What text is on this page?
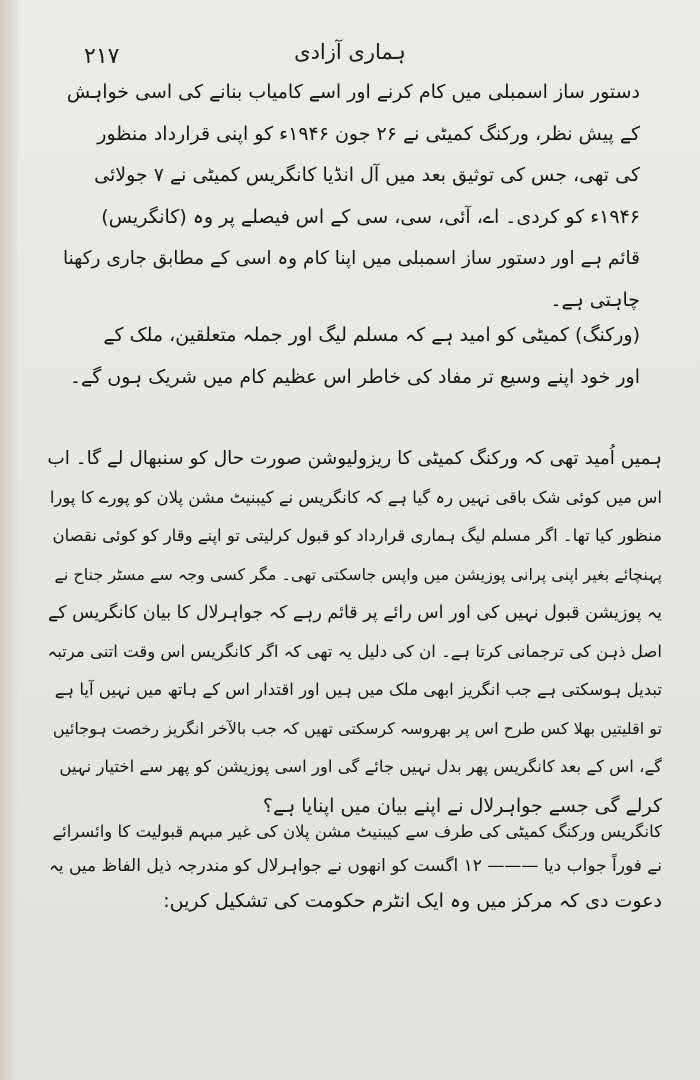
۲۱۷	ہماری آزادی

دستور ساز اسمبلی میں کام کرنے اور اسے کامیاب بنانے کی اسی خواہش

کے پیش نظر، ورکنگ کمیٹی نے ۲۶ جون ۱۹۴۶ء کو اپنی قرارداد منظور

کی تھی، جس کی توثیق بعد میں آل انڈیا کانگریس کمیٹی نے ۷ جولائی

۱۹۴۶ء کو کردی۔ اے، آئی، سی، سی کے اس فیصلے پر وہ (کانگریس)

قائم ہے اور دستور ساز اسمبلی میں اپنا کام وہ اسی کے مطابق جاری رکھنا

چاہتی ہے۔

(ورکنگ) کمیٹی کو امید ہے کہ مسلم لیگ اور جملہ متعلقین، ملک کے

اور خود اپنے وسیع تر مفاد کی خاطر اس عظیم کام میں شریک ہوں گے۔

ہمیں اُمید تھی کہ ورکنگ کمیٹی کا ریزولیوشن صورت حال کو سنبھال لے گا۔ اب

اس میں کوئی شک باقی نہیں رہ گیا ہے کہ کانگریس نے کیبنیٹ مشن پلان کو پورے کا پورا

منظور کیا تھا۔ اگر مسلم لیگ ہماری قرارداد کو قبول کرلیتی تو اپنے وقار کو کوئی نقصان

پہنچائے بغیر اپنی پرانی پوزیشن میں واپس جاسکتی تھی۔ مگر کسی وجہ سے مسٹر جناح نے

یہ پوزیشن قبول نہیں کی اور اس رائے پر قائم رہے کہ جواہرلال کا بیان کانگریس کے

اصل ذہن کی ترجمانی کرتا ہے۔ ان کی دلیل یہ تھی کہ اگر کانگریس اس وقت اتنی مرتبہ

تبدیل ہوسکتی ہے جب انگریز ابھی ملک میں ہیں اور اقتدار اس کے ہاتھ میں نہیں آیا ہے

تو اقلیتیں بھلا کس طرح اس پر بھروسہ کرسکتی تھیں کہ جب بالآخر انگریز رخصت ہوجائیں

گے، اس کے بعد کانگریس پھر بدل نہیں جائے گی اور اسی پوزیشن کو پھر سے اختیار نہیں

کرلے گی جسے جواہرلال نے اپنے بیان میں اپنایا ہے؟

کانگریس ورکنگ کمیٹی کی طرف سے کیبنیٹ مشن پلان کی غیر مبہم قبولیت کا وائسرائے

نے فوراً جواب دیا ——— ۱۲ اگست کو انھوں نے جواہرلال کو مندرجہ ذیل الفاظ میں یہ

دعوت دی کہ مرکز میں وہ ایک انٹرم حکومت کی تشکیل کریں:
